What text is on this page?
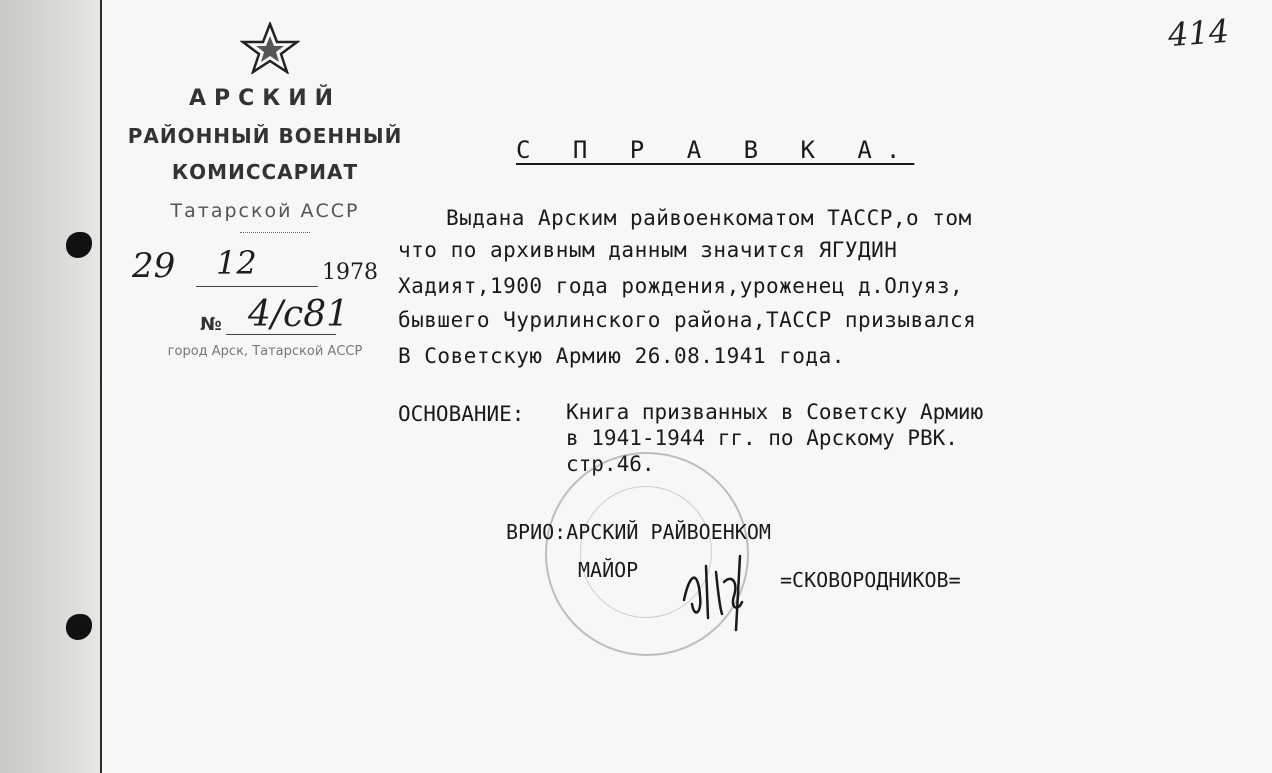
414
АРСКИЙ
РАЙОННЫЙ ВОЕННЫЙ
КОМИССАРИАТ
Татарской АССР
29 12	1978
№ 4/с81
город Арск, Татарской АССР
С П Р А В К А.
Выдана Арским райвоенкоматом ТАССР,о том
что по архивным данным значится ЯГУДИН
Хадият,1900 года рождения,уроженец д.Олуяз,
бывшего Чурилинского района,ТАССР призывался
В Советскую Армию 26.08.1941 года.
ОСНОВАНИЕ: Книга призванных в Советску Армию
в 1941-1944 гг. по Арскому РВК.
стр.46.
ВРИО:АРСКИЙ РАЙВОЕНКОМ
МАЙОР	=СКОВОРОДНИКОВ=
